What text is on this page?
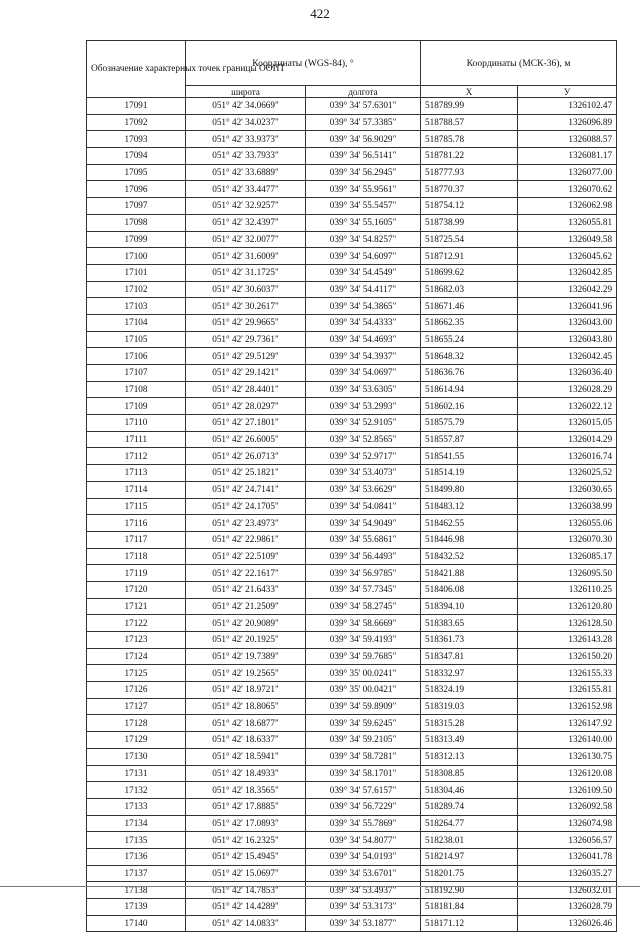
422
Обозначение характерных точек границы ООПТ	Координаты (WGS-84), °		Координаты (МСК-36), м	
	широта	долгота	X	У
17091	051° 42' 34.0669"	039° 34' 57.6301"	518789.99	1326102.47
17092	051° 42' 34.0237"	039° 34' 57.3385"	518788.57	1326096.89
17093	051° 42' 33.9373"	039° 34' 56.9029"	518785.78	1326088.57
17094	051° 42' 33.7933"	039° 34' 56.5141"	518781.22	1326081.17
17095	051° 42' 33.6889"	039° 34' 56.2945"	518777.93	1326077.00
17096	051° 42' 33.4477"	039° 34' 55.9561"	518770.37	1326070.62
17097	051° 42' 32.9257"	039° 34' 55.5457"	518754.12	1326062.98
17098	051° 42' 32.4397"	039° 34' 55.1605"	518738.99	1326055.81
17099	051° 42' 32.0077"	039° 34' 54.8257"	518725.54	1326049.58
17100	051° 42' 31.6009"	039° 34' 54.6097"	518712.91	1326045.62
17101	051° 42' 31.1725"	039° 34' 54.4549"	518699.62	1326042.85
17102	051° 42' 30.6037"	039° 34' 54.4117"	518682.03	1326042.29
17103	051° 42' 30.2617"	039° 34' 54.3865"	518671.46	1326041.96
17104	051° 42' 29.9665"	039° 34' 54.4333"	518662.35	1326043.00
17105	051° 42' 29.7361"	039° 34' 54.4693"	518655.24	1326043.80
17106	051° 42' 29.5129"	039° 34' 54.3937"	518648.32	1326042.45
17107	051° 42' 29.1421"	039° 34' 54.0697"	518636.76	1326036.40
17108	051° 42' 28.4401"	039° 34' 53.6305"	518614.94	1326028.29
17109	051° 42' 28.0297"	039° 34' 53.2993"	518602.16	1326022.12
17110	051° 42' 27.1801"	039° 34' 52.9105"	518575.79	1326015.05
17111	051° 42' 26.6005"	039° 34' 52.8565"	518557.87	1326014.29
17112	051° 42' 26.0713"	039° 34' 52.9717"	518541.55	1326016.74
17113	051° 42' 25.1821"	039° 34' 53.4073"	518514.19	1326025.52
17114	051° 42' 24.7141"	039° 34' 53.6629"	518499.80	1326030.65
17115	051° 42' 24.1705"	039° 34' 54.0841"	518483.12	1326038.99
17116	051° 42' 23.4973"	039° 34' 54.9049"	518462.55	1326055.06
17117	051° 42' 22.9861"	039° 34' 55.6861"	518446.98	1326070.30
17118	051° 42' 22.5109"	039° 34' 56.4493"	518432.52	1326085.17
17119	051° 42' 22.1617"	039° 34' 56.9785"	518421.88	1326095.50
17120	051° 42' 21.6433"	039° 34' 57.7345"	518406.08	1326110.25
17121	051° 42' 21.2509"	039° 34' 58.2745"	518394.10	1326120.80
17122	051° 42' 20.9089"	039° 34' 58.6669"	518383.65	1326128.50
17123	051° 42' 20.1925"	039° 34' 59.4193"	518361.73	1326143.28
17124	051° 42' 19.7389"	039° 34' 59.7685"	518347.81	1326150.20
17125	051° 42' 19.2565"	039° 35' 00.0241"	518332.97	1326155.33
17126	051° 42' 18.9721"	039° 35' 00.0421"	518324.19	1326155.81
17127	051° 42' 18.8065"	039° 34' 59.8909"	518319.03	1326152.98
17128	051° 42' 18.6877"	039° 34' 59.6245"	518315.28	1326147.92
17129	051° 42' 18.6337"	039° 34' 59.2105"	518313.49	1326140.00
17130	051° 42' 18.5941"	039° 34' 58.7281"	518312.13	1326130.75
17131	051° 42' 18.4933"	039° 34' 58.1701"	518308.85	1326120.08
17132	051° 42' 18.3565"	039° 34' 57.6157"	518304.46	1326109.50
17133	051° 42' 17.8885"	039° 34' 56.7229"	518289.74	1326092.58
17134	051° 42' 17.0893"	039° 34' 55.7869"	518264.77	1326074.98
17135	051° 42' 16.2325"	039° 34' 54.8077"	518238.01	1326056.57
17136	051° 42' 15.4945"	039° 34' 54.0193"	518214.97	1326041.78
17137	051° 42' 15.0697"	039° 34' 53.6701"	518201.75	1326035.27
17138	051° 42' 14.7853"	039° 34' 53.4937"	518192.90	1326032.01
17139	051° 42' 14.4289"	039° 34' 53.3173"	518181.84	1326028.79
17140	051° 42' 14.0833"	039° 34' 53.1877"	518171.12	1326026.46
